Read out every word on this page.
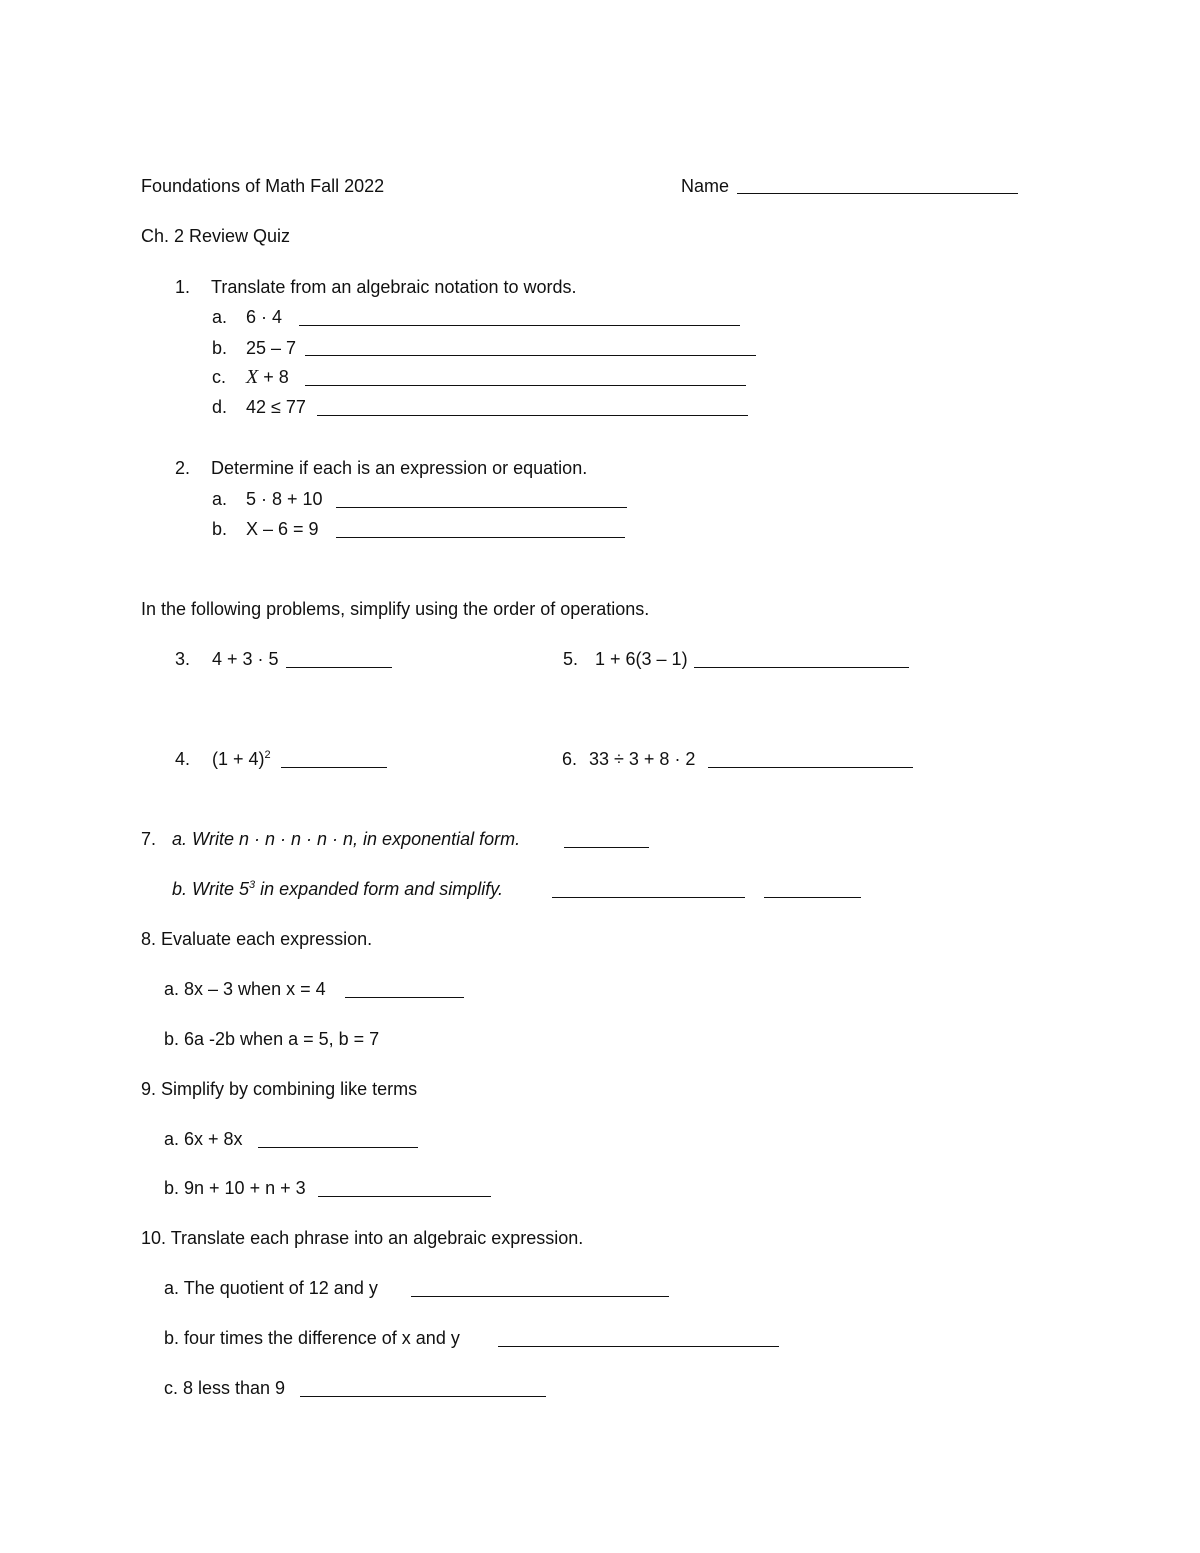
Foundations of Math Fall 2022	Name
Ch. 2 Review Quiz
1. Translate from an algebraic notation to words.
a. 6 · 4
b. 25 – 7
c. X + 8
d. 42 ≤ 77
2. Determine if each is an expression or equation.
a. 5 · 8 + 10
b. X – 6 = 9
In the following problems, simplify using the order of operations.
3. 4 + 3 · 5	5. 1 + 6(3 – 1)
4. $(1 + 4)^2$	6. 33 ÷ 3 + 8 · 2
7. a. Write n · n · n · n · n, in exponential form.
b. Write $5^3$ in expanded form and simplify.
8. Evaluate each expression.
a. 8x – 3 when x = 4
b. 6a -2b when a = 5, b = 7
9. Simplify by combining like terms
a. 6x + 8x
b. 9n + 10 + n + 3
10. Translate each phrase into an algebraic expression.
a. The quotient of 12 and y
b. four times the difference of x and y
c. 8 less than 9
